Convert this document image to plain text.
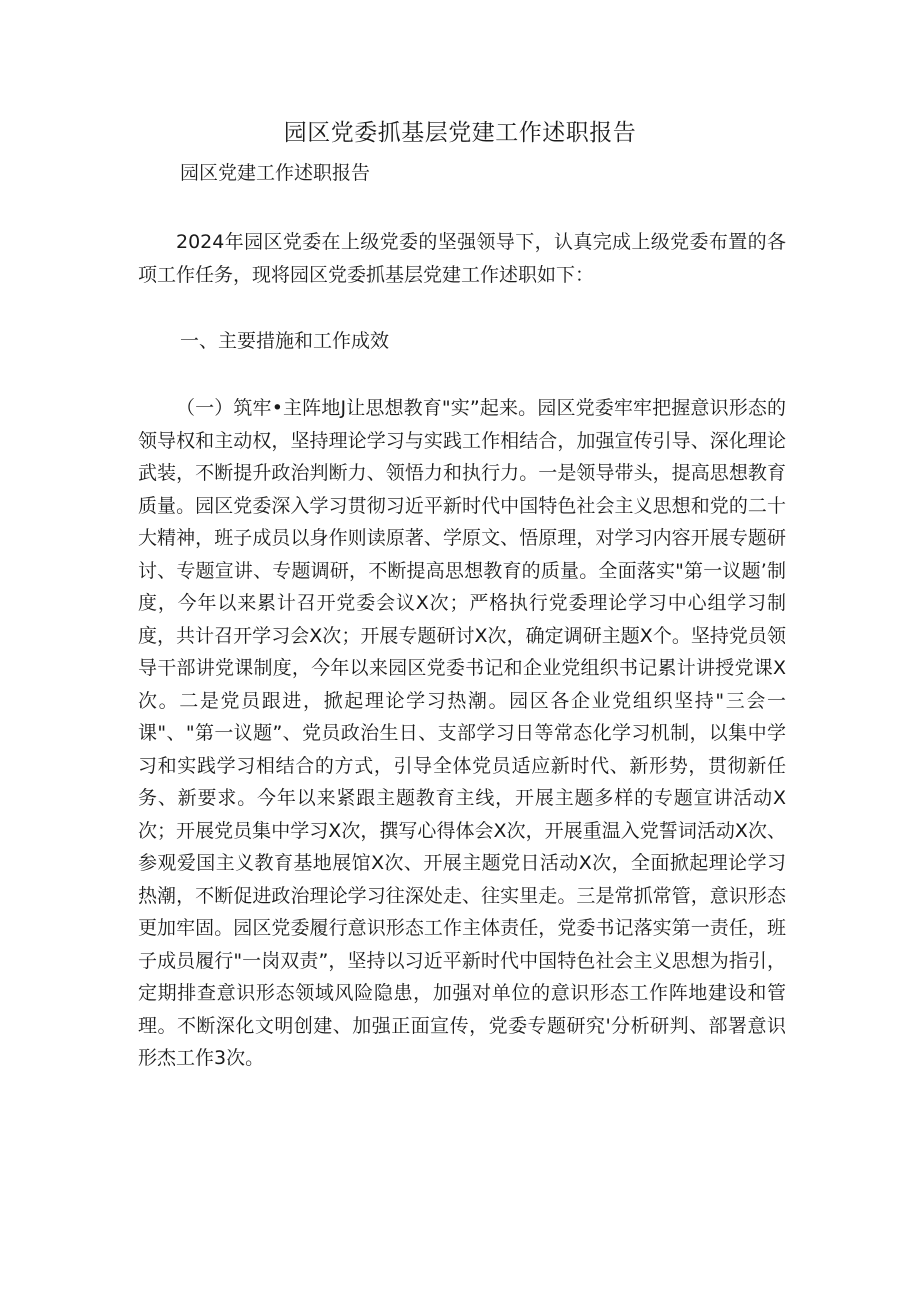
园区党委抓基层党建工作述职报告

园区党建工作述职报告

2024年园区党委在上级党委的坚强领导下，认真完成上级党委布置的各项工作任务，现将园区党委抓基层党建工作述职如下：

一、主要措施和工作成效

（一）筑牢•主阵地J让思想教育"实”起来。园区党委牢牢把握意识形态的领导权和主动权，坚持理论学习与实践工作相结合，加强宣传引导、深化理论武装，不断提升政治判断力、领悟力和执行力。一是领导带头，提高思想教育质量。园区党委深入学习贯彻习近平新时代中国特色社会主义思想和党的二十大精神，班子成员以身作则读原著、学原文、悟原理，对学习内容开展专题研讨、专题宣讲、专题调研，不断提高思想教育的质量。全面落实"第一议题’制度，今年以来累计召开党委会议X次；严格执行党委理论学习中心组学习制度，共计召开学习会X次；开展专题研讨X次，确定调研主题X个。坚持党员领导干部讲党课制度，今年以来园区党委书记和企业党组织书记累计讲授党课X次。二是党员跟进，掀起理论学习热潮。园区各企业党组织坚持"三会一课"、"第一议题”、党员政治生日、支部学习日等常态化学习机制，以集中学习和实践学习相结合的方式，引导全体党员适应新时代、新形势，贯彻新任务、新要求。今年以来紧跟主题教育主线，开展主题多样的专题宣讲活动X次；开展党员集中学习X次，撰写心得体会X次，开展重温入党誓词活动X次、参观爱国主义教育基地展馆X次、开展主题党日活动X次，全面掀起理论学习热潮，不断促进政治理论学习往深处走、往实里走。三是常抓常管，意识形态更加牢固。园区党委履行意识形态工作主体责任，党委书记落实第一责任，班子成员履行"一岗双责”，坚持以习近平新时代中国特色社会主义思想为指引，定期排查意识形态领域风险隐患，加强对单位的意识形态工作阵地建设和管理。不断深化文明创建、加强正面宣传，党委专题研究'分析研判、部署意识形杰工作3次。
